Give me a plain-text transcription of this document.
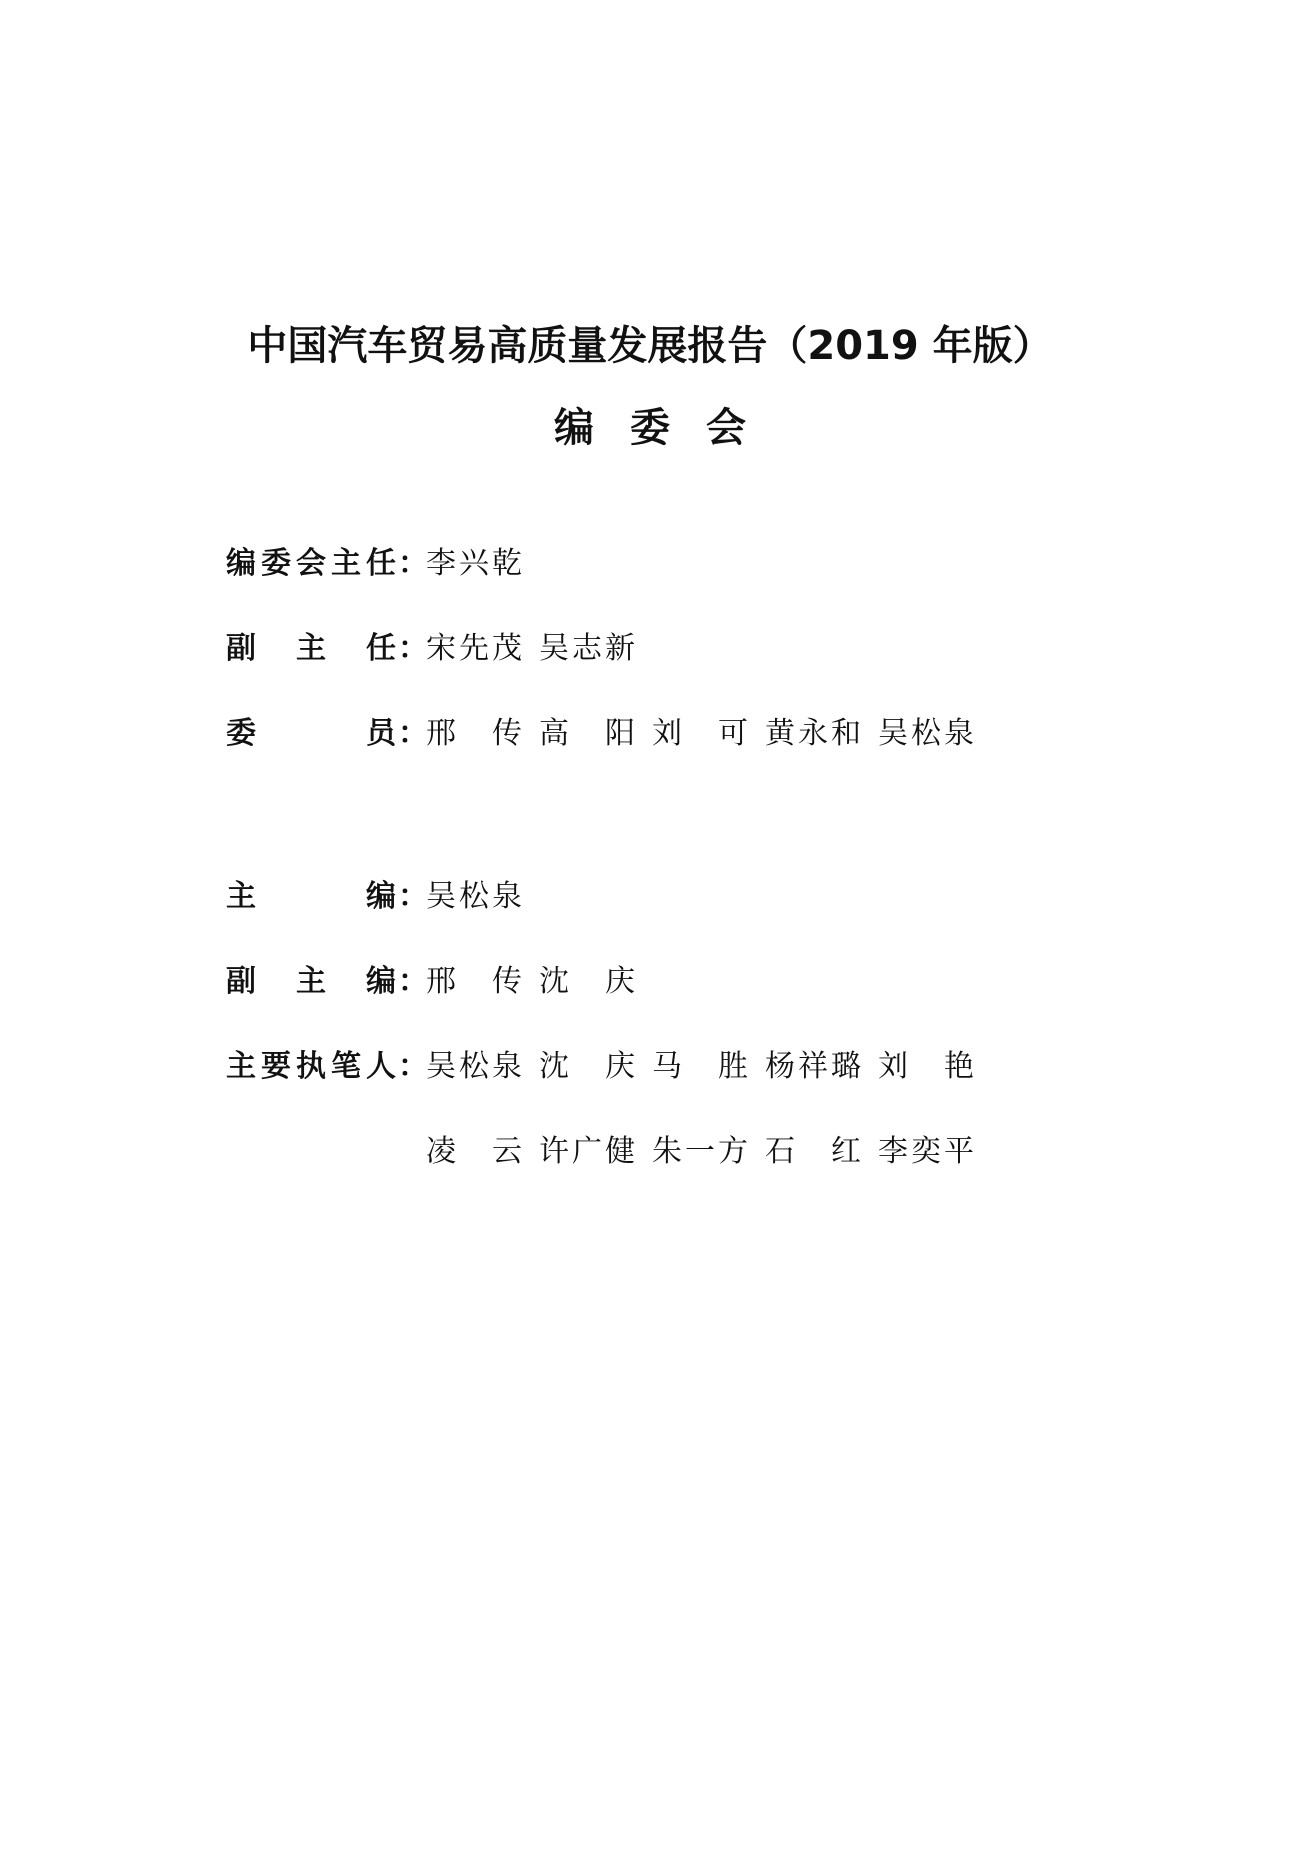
中国汽车贸易高质量发展报告（2019 年版）
编委会
编 委 会 主 任 ：
李 兴 乾
副 主 任 ：
宋 先 茂 吴 志 新
委	员 ：
邢 传 高 阳 刘 可 黄 永 和 吴 松 泉
主	编 ：
吴 松 泉
副 主 编 ：
邢 传 沈 庆
主 要 执 笔 人 ：
吴 松 泉 沈 庆 马 胜 杨 祥 璐 刘 艳
凌 云 许 广 健 朱 一 方 石 红 李 奕 平
